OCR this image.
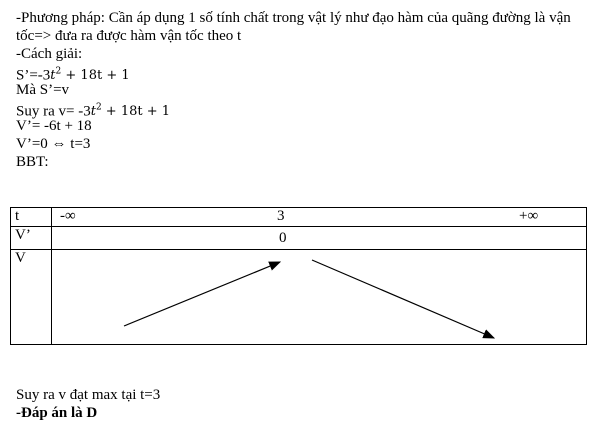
-Phương pháp: Cần áp dụng 1 số tính chất trong vật lý như đạo hàm của quãng đường là vận
tốc=> đưa ra được hàm vận tốc theo t
-Cách giải:
$S’=-3t^2 + 18t + 1$
Mà S’=v
Suy ra $v= -3t^2 + 18t + 1$
V’= -6t + 18
V’=0 ⇔ t=3
BBT:
t	-∞ 3 +∞

V’	0

V	
Suy ra v đạt max tại t=3
-Đáp án là D
